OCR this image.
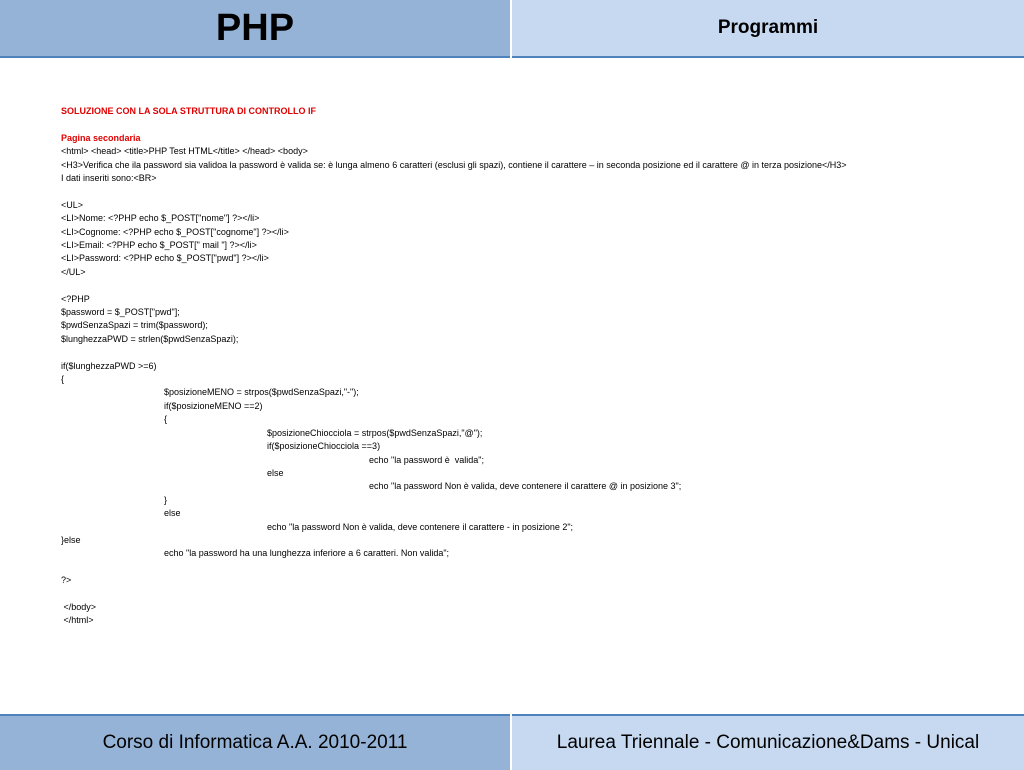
PHP	Programmi
SOLUZIONE CON LA SOLA STRUTTURA DI CONTROLLO IF
Pagina secondaria
<html> <head> <title>PHP Test HTML</title> </head> <body>
<H3>Verifica che ila password sia validoa la password è valida se: è lunga almeno 6 caratteri (esclusi gli spazi), contiene il carattere – in seconda posizione ed il carattere @ in terza posizione</H3>
I dati inseriti sono:<BR>
<UL>
<LI>Nome: <?PHP echo $_POST["nome"] ?></li>
<LI>Cognome: <?PHP echo $_POST["cognome"] ?></li>
<LI>Email: <?PHP echo $_POST[" mail "] ?></li>
<LI>Password: <?PHP echo $_POST["pwd"] ?></li>
</UL>
<?PHP
$password = $_POST["pwd"];
$pwdSenzaSpazi = trim($password);
$lunghezzaPWD = strlen($pwdSenzaSpazi);
if($lunghezzaPWD >=6)
{
$posizioneMENO = strpos($pwdSenzaSpazi,"-");
if($posizioneMENO ==2)
{
$posizioneChiocciola = strpos($pwdSenzaSpazi,"@");
if($posizioneChiocciola ==3)
echo "la password è  valida";
else
echo "la password Non è valida, deve contenere il carattere @ in posizione 3";
}
else
echo "la password Non è valida, deve contenere il carattere - in posizione 2";
}else
echo "la password ha una lunghezza inferiore a 6 caratteri. Non valida";
?>
</body>
</html>
Corso di Informatica A.A. 2010-2011	Laurea Triennale - Comunicazione&Dams - Unical
